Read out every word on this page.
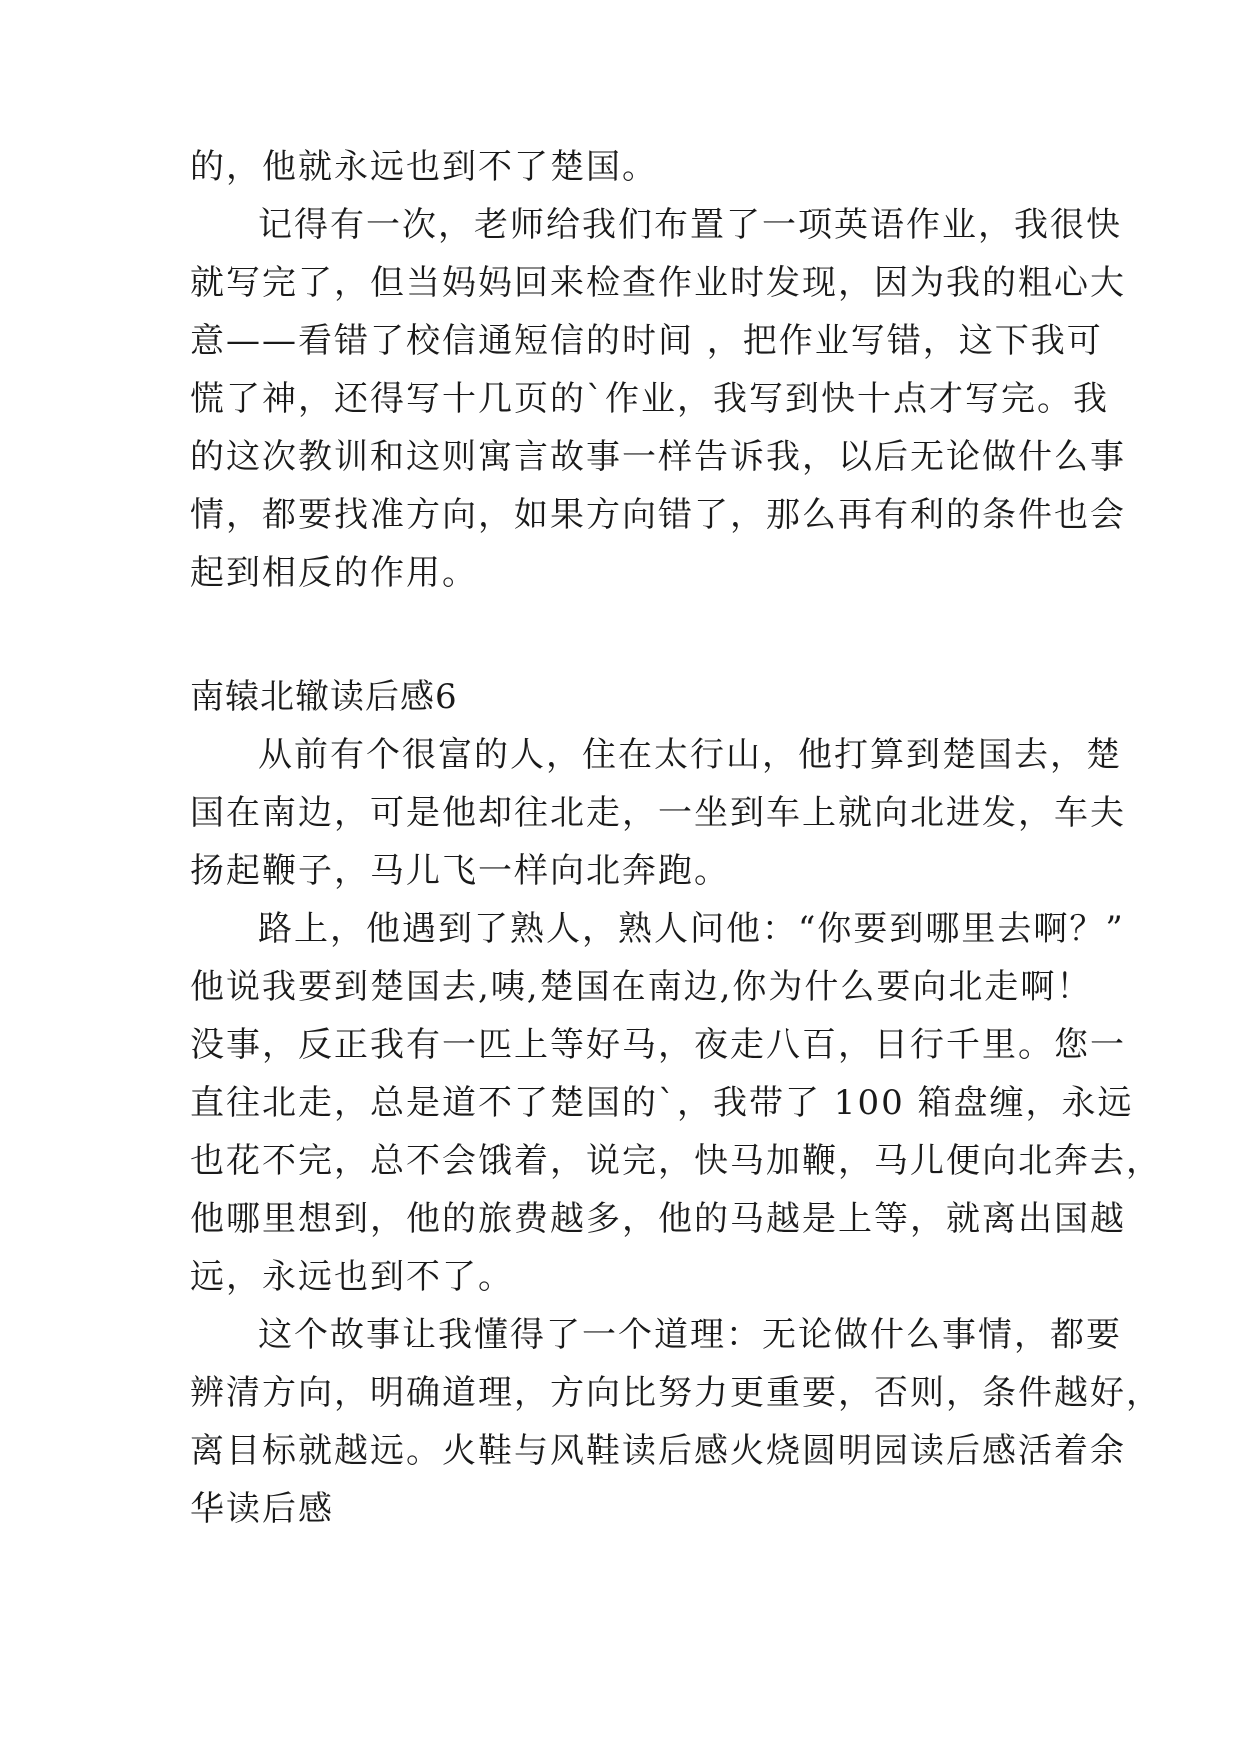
的，他就永远也到不了楚国。
记得有一次，老师给我们布置了一项英语作业，我很快
就写完了，但当妈妈回来检查作业时发现，因为我的粗心大
意——看错了校信通短信的时间 ，把作业写错，这下我可
慌了神，还得写十几页的`作业，我写到快十点才写完。我
的这次教训和这则寓言故事一样告诉我，以后无论做什么事
情，都要找准方向，如果方向错了，那么再有利的条件也会
起到相反的作用。
南辕北辙读后感6
从前有个很富的人，住在太行山，他打算到楚国去，楚
国在南边，可是他却往北走，一坐到车上就向北进发，车夫
扬起鞭子，马儿飞一样向北奔跑。
路上，他遇到了熟人，熟人问他：“你要到哪里去啊？”
他说我要到楚国去,咦,楚国在南边,你为什么要向北走啊！
没事，反正我有一匹上等好马，夜走八百，日行千里。您一
直往北走，总是道不了楚国的`，我带了 100 箱盘缠，永远
也花不完，总不会饿着，说完，快马加鞭，马儿便向北奔去，
他哪里想到，他的旅费越多，他的马越是上等，就离出国越
远，永远也到不了。
这个故事让我懂得了一个道理：无论做什么事情，都要
辨清方向，明确道理，方向比努力更重要，否则，条件越好，
离目标就越远。火鞋与风鞋读后感火烧圆明园读后感活着余
华读后感
